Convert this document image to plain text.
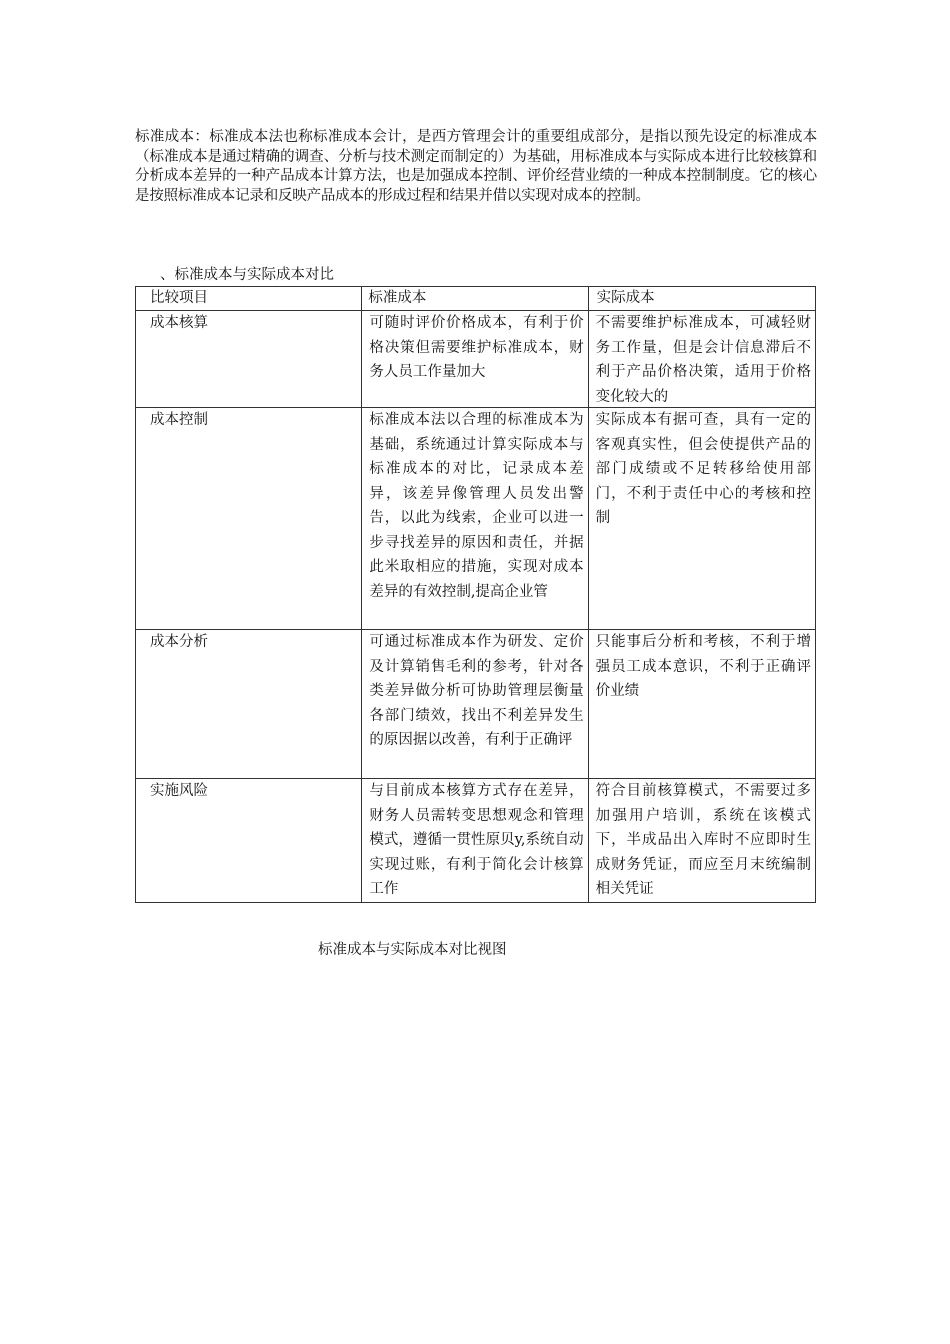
标准成本：标准成本法也称标准成本会计，是西方管理会计的重要组成部分，是指以预先设定的标准成本（标准成本是通过精确的调查、分析与技术测定而制定的）为基础，用标准成本与实际成本进行比较核算和分析成本差异的一种产品成本计算方法，也是加强成本控制、评价经营业绩的一种成本控制制度。它的核心是按照标准成本记录和反映产品成本的形成过程和结果并借以实现对成本的控制。

、标准成本与实际成本对比

比较项目	标准成本	实际成本

成本核算	可随时评价价格成本，有利于价格决策但需要维护标准成本，财务人员工作量加大	不需要维护标准成本，可减轻财务工作量，但是会计信息滞后不利于产品价格决策，适用于价格变化较大的

成本控制	标准成本法以合理的标准成本为基础，系统通过计算实际成本与标准成本的对比，记录成本差异，该差异像管理人员发出警告，以此为线索，企业可以进一步寻找差异的原因和责任，并据此米取相应的措施，实现对成本差异的有效控制,提高企业管	实际成本有据可查，具有一定的客观真实性，但会使提供产品的部门成绩或不足转移给使用部门，不利于责任中心的考核和控制

成本分析	可通过标准成本作为研发、定价及计算销售毛利的参考，针对各类差异做分析可协助管理层衡量各部门绩效，找出不利差异发生的原因据以改善，有利于正确评	只能事后分析和考核，不利于增强员工成本意识，不利于正确评价业绩

实施风险	与目前成本核算方式存在差异，财务人员需转变思想观念和管理模式，遵循一贯性原贝y,系统自动实现过账，有利于简化会计核算工作	符合目前核算模式，不需要过多加强用户培训，系统在该模式下，半成品出入库时不应即时生成财务凭证，而应至月末统编制相关凭证

标准成本与实际成本对比视图
